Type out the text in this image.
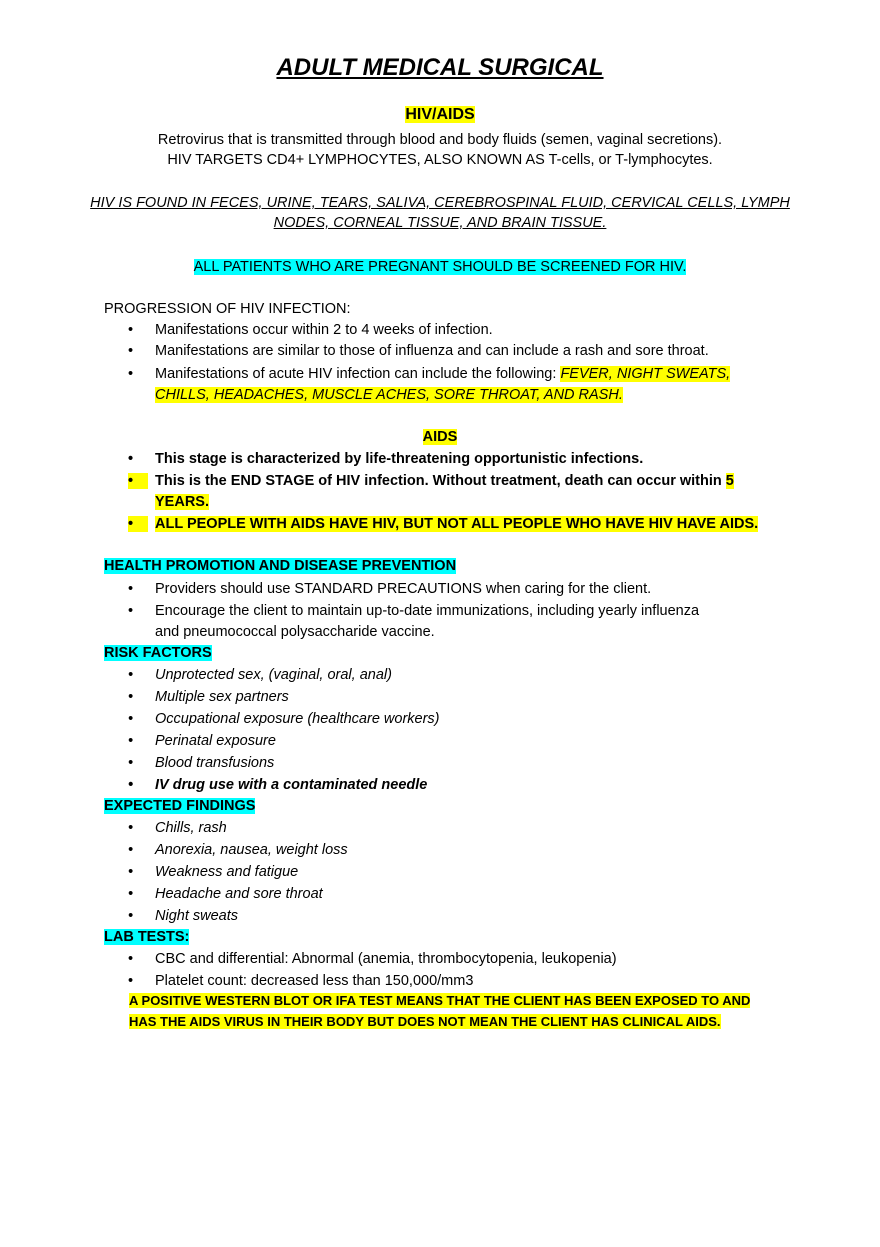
ADULT MEDICAL SURGICAL
HIV/AIDS
Retrovirus that is transmitted through blood and body fluids (semen, vaginal secretions).
HIV TARGETS CD4+ LYMPHOCYTES, ALSO KNOWN AS T-cells, or T-lymphocytes.
HIV IS FOUND IN FECES, URINE, TEARS, SALIVA, CEREBROSPINAL FLUID, CERVICAL CELLS, LYMPH
NODES, CORNEAL TISSUE, AND BRAIN TISSUE.
ALL PATIENTS WHO ARE PREGNANT SHOULD BE SCREENED FOR HIV.
PROGRESSION OF HIV INFECTION:
•	Manifestations occur within 2 to 4 weeks of infection.
•	Manifestations are similar to those of influenza and can include a rash and sore throat.
•	Manifestations of acute HIV infection can include the following: FEVER, NIGHT SWEATS,
CHILLS, HEADACHES, MUSCLE ACHES, SORE THROAT, AND RASH.
AIDS
•	This stage is characterized by life-threatening opportunistic infections.
•	This is the END STAGE of HIV infection. Without treatment, death can occur within 5
YEARS.
•	ALL PEOPLE WITH AIDS HAVE HIV, BUT NOT ALL PEOPLE WHO HAVE HIV HAVE AIDS.
HEALTH PROMOTION AND DISEASE PREVENTION
•	Providers should use STANDARD PRECAUTIONS when caring for the client.
•	Encourage the client to maintain up-to-date immunizations, including yearly influenza
and pneumococcal polysaccharide vaccine.
RISK FACTORS
•	Unprotected sex, (vaginal, oral, anal)
•	Multiple sex partners
•	Occupational exposure (healthcare workers)
•	Perinatal exposure
•	Blood transfusions
•	IV drug use with a contaminated needle
EXPECTED FINDINGS
•	Chills, rash
•	Anorexia, nausea, weight loss
•	Weakness and fatigue
•	Headache and sore throat
•	Night sweats
LAB TESTS:
•	CBC and differential: Abnormal (anemia, thrombocytopenia, leukopenia)
•	Platelet count: decreased less than 150,000/mm3
A POSITIVE WESTERN BLOT OR IFA TEST MEANS THAT THE CLIENT HAS BEEN EXPOSED TO AND
HAS THE AIDS VIRUS IN THEIR BODY BUT DOES NOT MEAN THE CLIENT HAS CLINICAL AIDS.
